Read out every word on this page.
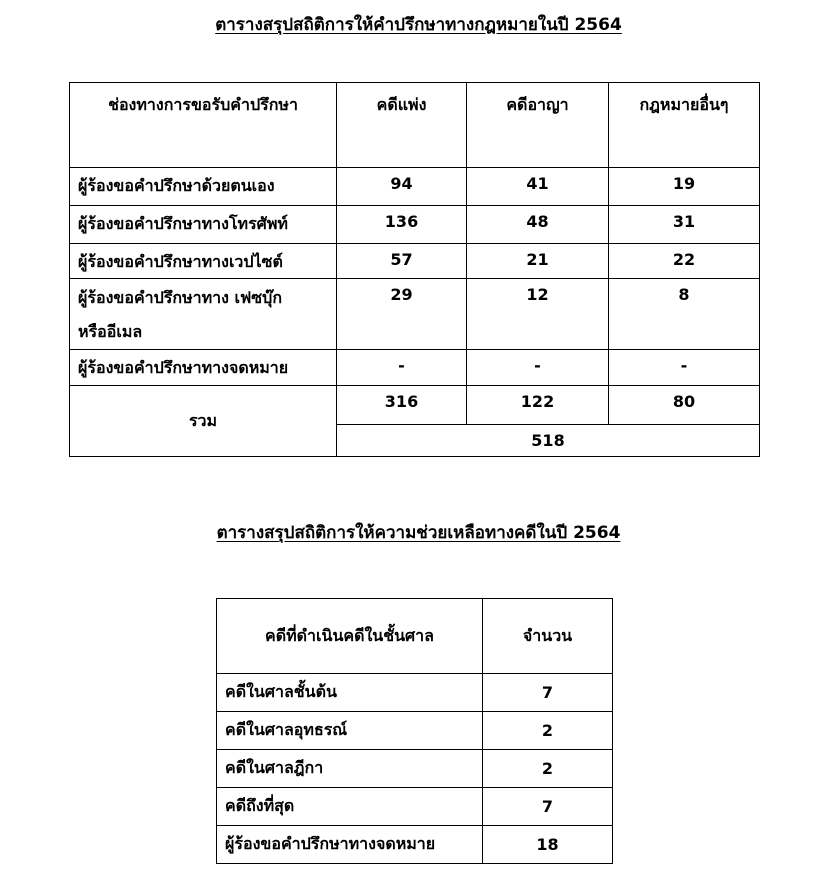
ตารางสรุปสถิติการให้คำปรึกษาทางกฎหมายในปี 2564
ช่องทางการขอรับคำปรึกษา	คดีแพ่ง	คดีอาญา	กฎหมายอื่นๆ
ผู้ร้องขอคำปรึกษาด้วยตนเอง	94	41	19
ผู้ร้องขอคำปรึกษาทางโทรศัพท์	136	48	31
ผู้ร้องขอคำปรึกษาทางเวปไซต์	57	21	22

ผู้ร้องขอคำปรึกษาทาง เฟซบุ๊ก
หรืออีเมล	29	12	8
ผู้ร้องขอคำปรึกษาทางจดหมาย	-	-	-
รวม	316	122	80
	518		
ตารางสรุปสถิติการให้ความช่วยเหลือทางคดีในปี 2564
คดีที่ดำเนินคดีในชั้นศาล	จำนวน
คดีในศาลชั้นต้น	7
คดีในศาลอุทธรณ์	2
คดีในศาลฎีกา	2
คดีถึงที่สุด	7
ผู้ร้องขอคำปรึกษาทางจดหมาย	18
